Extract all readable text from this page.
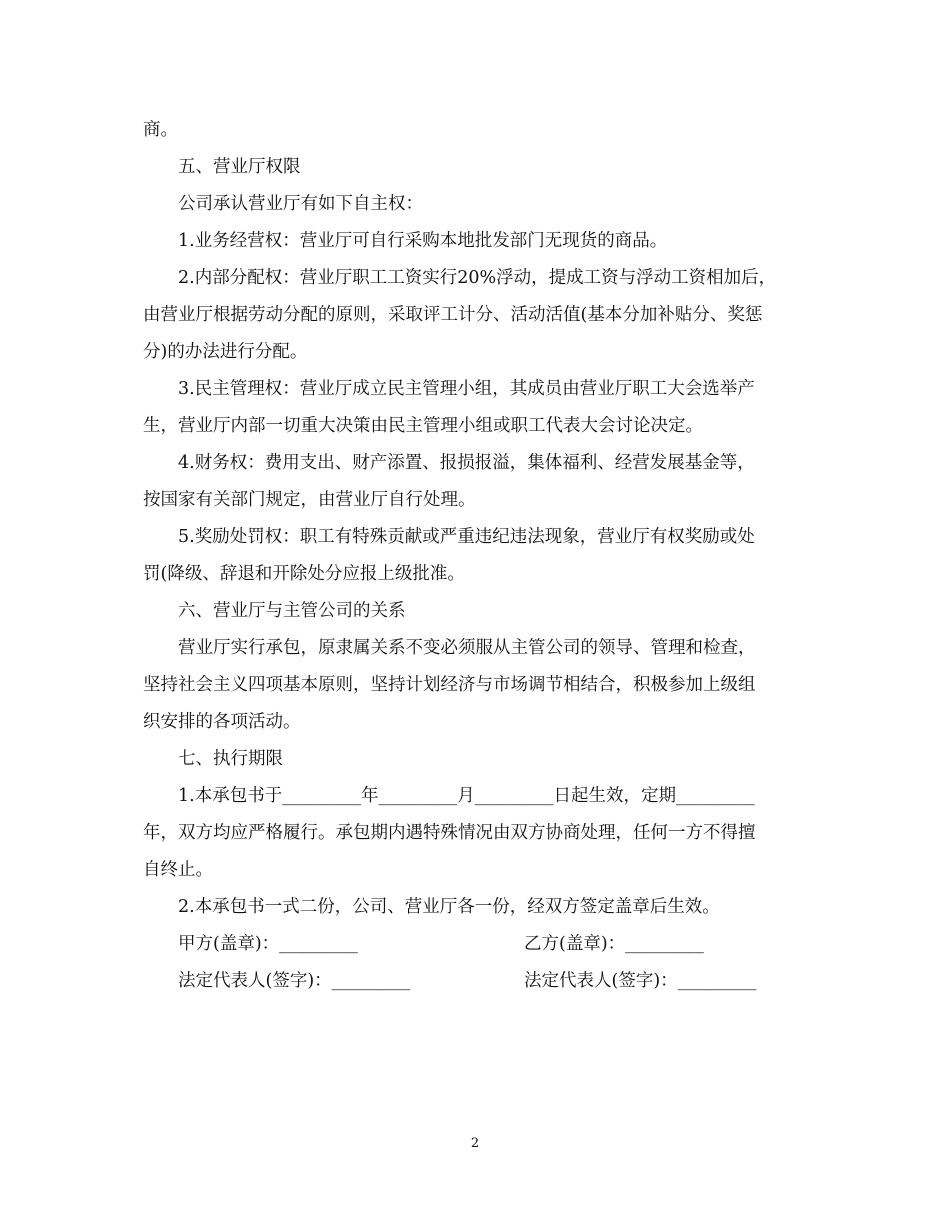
商。
　　五、营业厅权限
　　公司承认营业厅有如下自主权：
　　1.业务经营权：营业厅可自行采购本地批发部门无现货的商品。
　　2.内部分配权：营业厅职工工资实行20%浮动，提成工资与浮动工资相加后，
由营业厅根据劳动分配的原则，采取评工计分、活动活值(基本分加补贴分、奖惩
分)的办法进行分配。
　　3.民主管理权：营业厅成立民主管理小组，其成员由营业厅职工大会选举产
生，营业厅内部一切重大决策由民主管理小组或职工代表大会讨论决定。
　　4.财务权：费用支出、财产添置、报损报溢，集体福利、经营发展基金等，
按国家有关部门规定，由营业厅自行处理。
　　5.奖励处罚权：职工有特殊贡献或严重违纪违法现象，营业厅有权奖励或处
罚(降级、辞退和开除处分应报上级批准。
　　六、营业厅与主管公司的关系
　　营业厅实行承包，原隶属关系不变必须服从主管公司的领导、管理和检查，
坚持社会主义四项基本原则，坚持计划经济与市场调节相结合，积极参加上级组
织安排的各项活动。
　　七、执行期限
　　1.本承包书于_________年_________月_________日起生效，定期_________
年，双方均应严格履行。承包期内遇特殊情况由双方协商处理，任何一方不得擅
自终止。
　　2.本承包书一式二份，公司、营业厅各一份，经双方签定盖章后生效。
甲方(盖章)：_________	乙方(盖章)：_________
法定代表人(签字)：_________	法定代表人(签字)：_________
2
